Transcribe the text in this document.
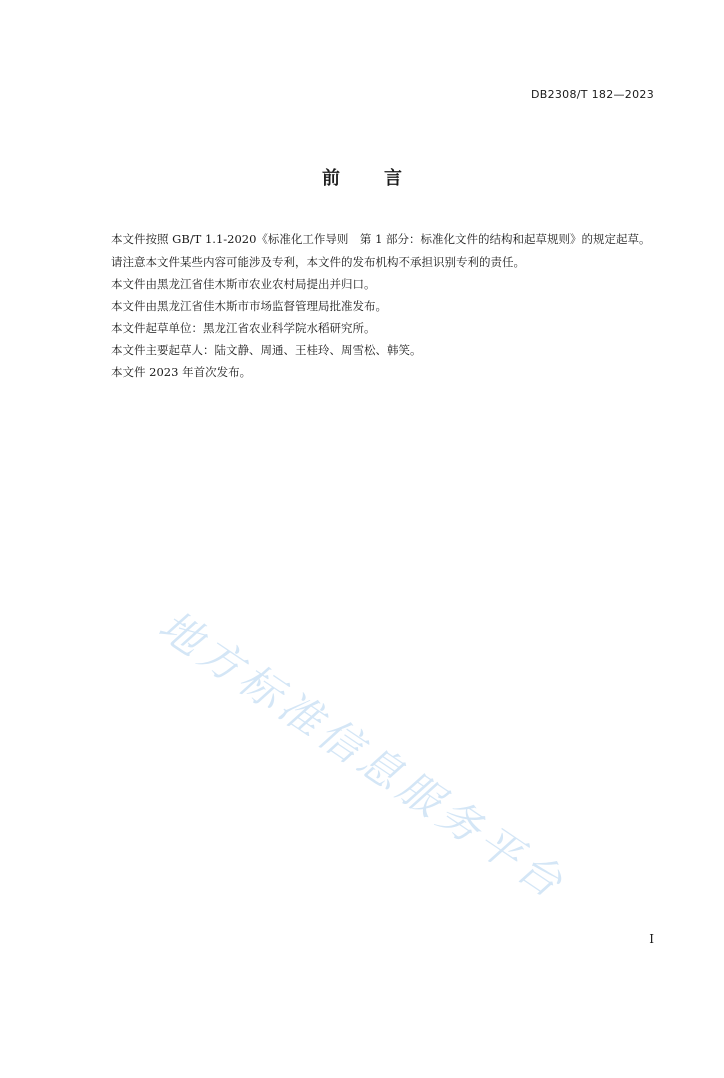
DB2308/T 182—2023
前言

本文件按照 GB/T 1.1-2020《标准化工作导则　第 1 部分：标准化文件的结构和起草规则》的规定起草。

请注意本文件某些内容可能涉及专利，本文件的发布机构不承担识别专利的责任。

本文件由黑龙江省佳木斯市农业农村局提出并归口。

本文件由黑龙江省佳木斯市市场监督管理局批准发布。

本文件起草单位：黑龙江省农业科学院水稻研究所。

本文件主要起草人：陆文静、周通、王桂玲、周雪松、韩笑。

本文件 2023 年首次发布。

地方标准信息服务平台
I
